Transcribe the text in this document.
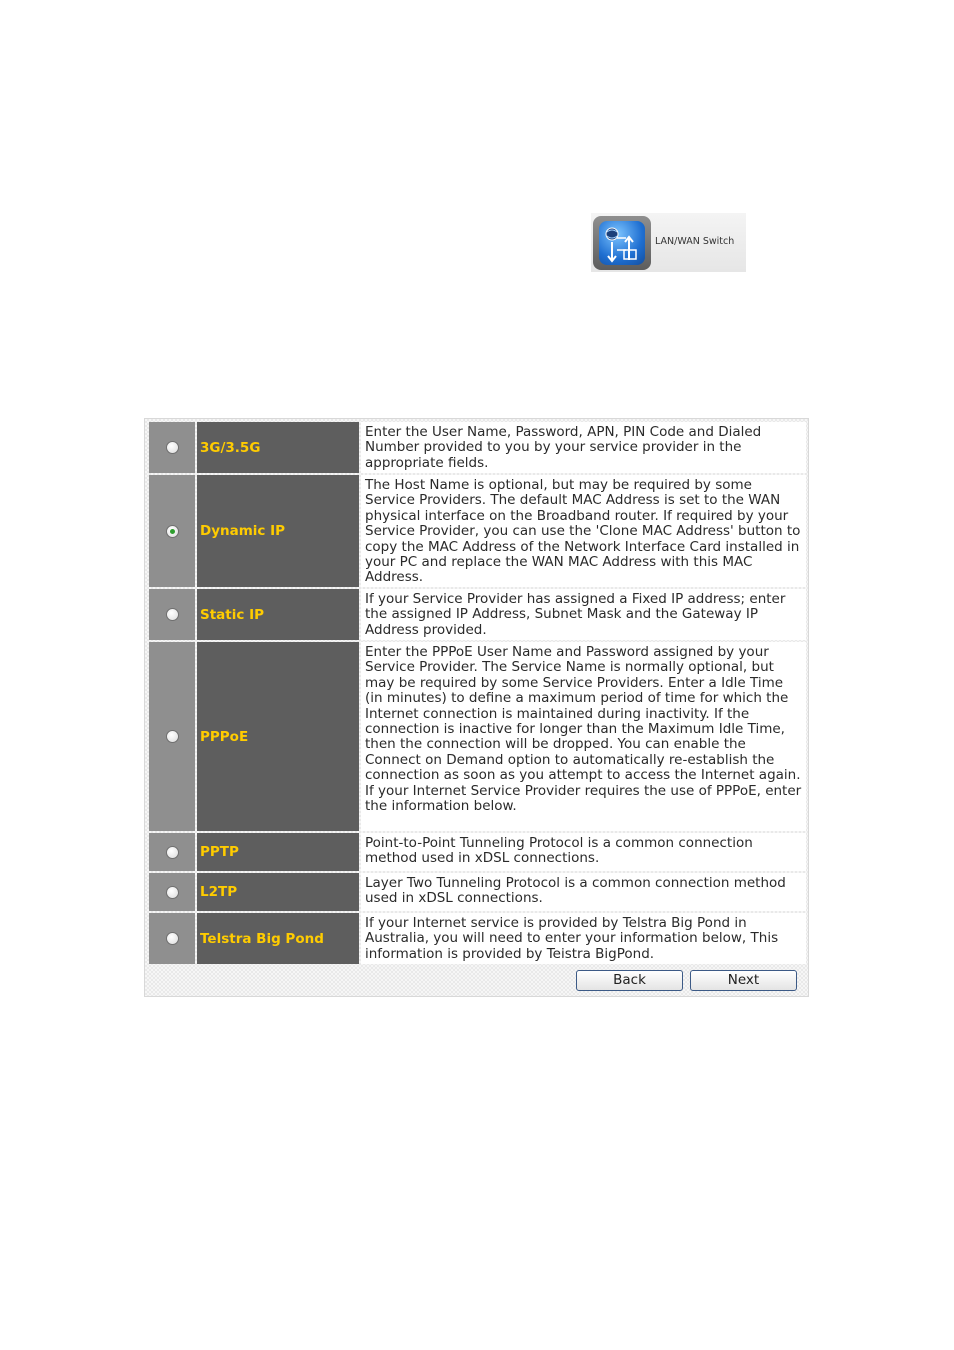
LAN/WAN Switch
3G/3.5G
Enter the User Name, Password, APN, PIN Code and Dialed Number provided to you by your service provider in the appropriate fields.
Dynamic IP
The Host Name is optional, but may be required by some Service Providers. The default MAC Address is set to the WAN physical interface on the Broadband router. If required by your Service Provider, you can use the 'Clone MAC Address' button to copy the MAC Address of the Network Interface Card installed in your PC and replace the WAN MAC Address with this MAC Address.
Static IP
If your Service Provider has assigned a Fixed IP address; enter the assigned IP Address, Subnet Mask and the Gateway IP Address provided.
PPPoE
Enter the PPPoE User Name and Password assigned by your Service Provider. The Service Name is normally optional, but may be required by some Service Providers. Enter a Idle Time (in minutes) to define a maximum period of time for which the Internet connection is maintained during inactivity. If the connection is inactive for longer than the Maximum Idle Time, then the connection will be dropped. You can enable the Connect on Demand option to automatically re-establish the connection as soon as you attempt to access the Internet again.
If your Internet Service Provider requires the use of PPPoE, enter the information below.
PPTP
Point-to-Point Tunneling Protocol is a common connection method used in xDSL connections.
L2TP
Layer Two Tunneling Protocol is a common connection method used in xDSL connections.
Telstra Big Pond
If your Internet service is provided by Telstra Big Pond in Australia, you will need to enter your information below, This information is provided by Teistra BigPond.
Back	Next
